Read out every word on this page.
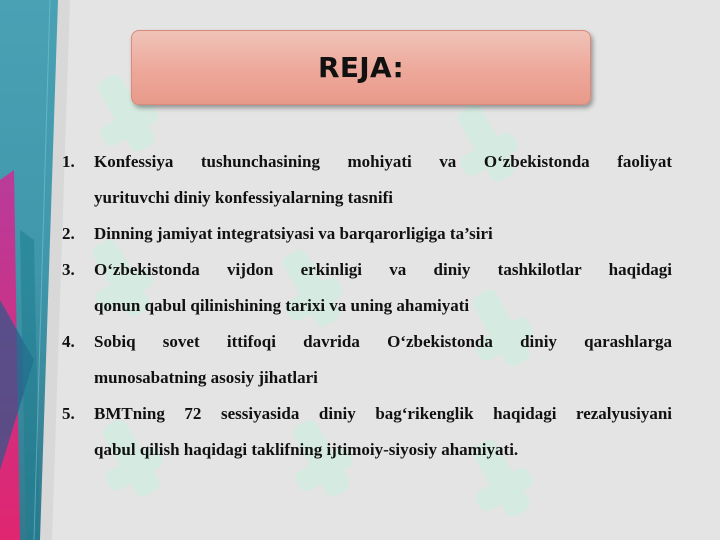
REJA:
1.	Konfessiya tushunchasining mohiyati va O‘zbekistonda faoliyat
yurituvchi diniy konfessiyalarning tasnifi
2.	Dinning jamiyat integratsiyasi va barqarorligiga ta’siri
3.	O‘zbekistonda vijdon erkinligi va diniy tashkilotlar haqidagi
qonun qabul qilinishining tarixi va uning ahamiyati
4.	Sobiq sovet ittifoqi davrida O‘zbekistonda diniy qarashlarga
munosabatning asosiy jihatlari
5.	BMTning 72 sessiyasida diniy bag‘rikenglik haqidagi rezalyusiyani
qabul qilish haqidagi taklifning ijtimoiy-siyosiy ahamiyati.
